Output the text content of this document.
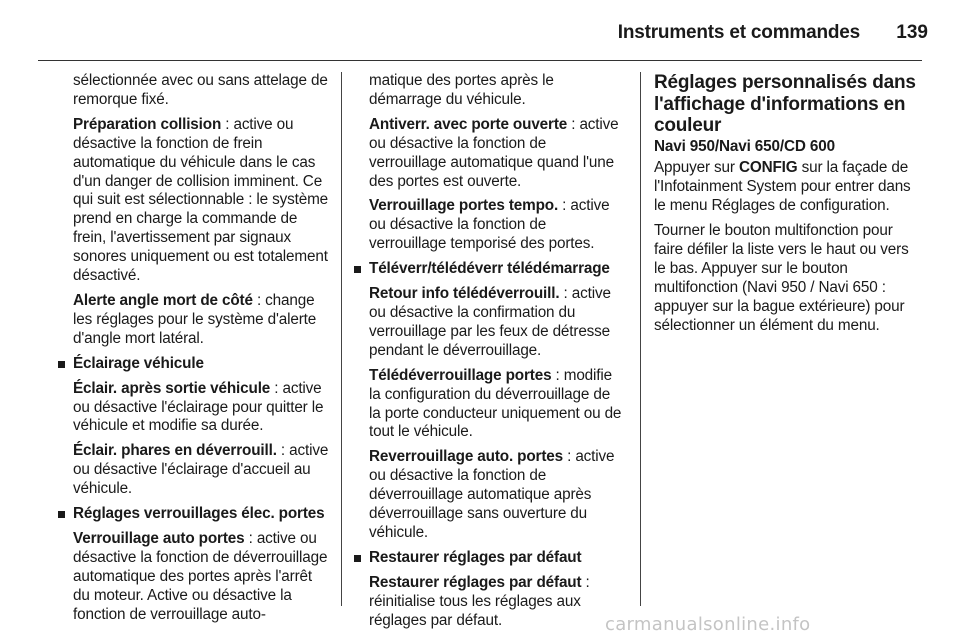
Instruments et commandes	139

sélectionnée avec ou sans attelage de remorque fixé.

Préparation collision : active ou désactive la fonction de frein automatique du véhicule dans le cas d'un danger de collision imminent. Ce qui suit est sélectionnable : le système prend en charge la commande de frein, l'avertissement par signaux sonores uniquement ou est totalement désactivé.

Alerte angle mort de côté : change les réglages pour le système d'alerte d'angle mort latéral.

Éclairage véhicule

Éclair. après sortie véhicule : active ou désactive l'éclairage pour quitter le véhicule et modifie sa durée.

Éclair. phares en déverrouill. : active ou désactive l'éclairage d'accueil au véhicule.

Réglages verrouillages élec. portes

Verrouillage auto portes : active ou désactive la fonction de déverrouillage automatique des portes après l'arrêt du moteur. Active ou désactive la fonction de verrouillage auto-

matique des portes après le démarrage du véhicule.

Antiverr. avec porte ouverte : active ou désactive la fonction de verrouillage automatique quand l'une des portes est ouverte.

Verrouillage portes tempo. : active ou désactive la fonction de verrouillage temporisé des portes.

Téléverr/télédéverr télédémarrage

Retour info télédéverrouill. : active ou désactive la confirmation du verrouillage par les feux de détresse pendant le déverrouillage.

Télédéverrouillage portes : modifie la configuration du déverrouillage de la porte conducteur uniquement ou de tout le véhicule.

Reverrouillage auto. portes : active ou désactive la fonction de déverrouillage automatique après déverrouillage sans ouverture du véhicule.

Restaurer réglages par défaut

Restaurer réglages par défaut : réinitialise tous les réglages aux réglages par défaut.

Réglages personnalisés dans l'affichage d'informations en couleur
Navi 950/Navi 650/CD 600

Appuyer sur CONFIG sur la façade de l'Infotainment System pour entrer dans le menu Réglages de configuration.

Tourner le bouton multifonction pour faire défiler la liste vers le haut ou vers le bas. Appuyer sur le bouton multifonction (Navi 950 / Navi 650 : appuyer sur la bague extérieure) pour sélectionner un élément du menu.

carmanualsonline.info
